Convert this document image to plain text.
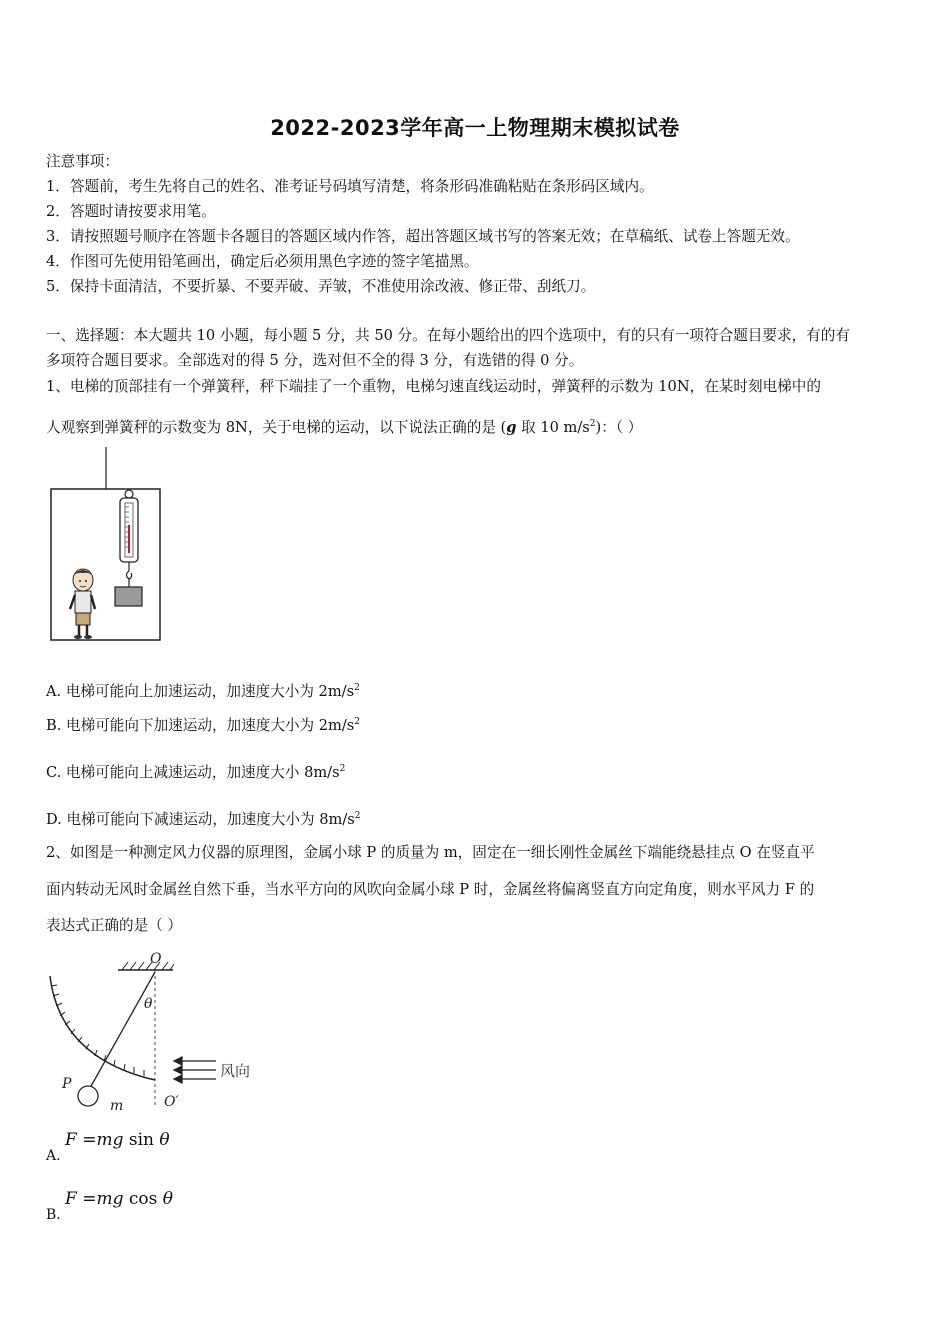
2022-2023学年高一上物理期末模拟试卷
注意事项：
1．答题前，考生先将自己的姓名、准考证号码填写清楚，将条形码准确粘贴在条形码区域内。
2．答题时请按要求用笔。
3．请按照题号顺序在答题卡各题目的答题区域内作答，超出答题区域书写的答案无效；在草稿纸、试卷上答题无效。
4．作图可先使用铅笔画出，确定后必须用黑色字迹的签字笔描黑。
5．保持卡面清洁，不要折暴、不要弄破、弄皱，不准使用涂改液、修正带、刮纸刀。
一、选择题：本大题共 10 小题，每小题 5 分，共 50 分。在每小题给出的四个选项中，有的只有一项符合题目要求，有的有
多项符合题目要求。全部选对的得 5 分，选对但不全的得 3 分，有选错的得 0 分。
1、电梯的顶部挂有一个弹簧秤，秤下端挂了一个重物，电梯匀速直线运动时，弹簧秤的示数为 10N，在某时刻电梯中的
人观察到弹簧秤的示数变为 8N，关于电梯的运动，以下说法正确的是 (g 取 10 $m/s^2$)：（ ）
A. 电梯可能向上加速运动，加速度大小为 $2m/s^2$
B. 电梯可能向下加速运动，加速度大小为 $2m/s^2$
C. 电梯可能向上减速运动，加速度大小 $8m/s^2$
D. 电梯可能向下减速运动，加速度大小为 $8m/s^2$
2、如图是一种测定风力仪器的原理图，金属小球 P 的质量为 m，固定在一细长刚性金属丝下端能绕悬挂点 O 在竖直平
面内转动无风时金属丝自然下垂，当水平方向的风吹向金属小球 P 时，金属丝将偏离竖直方向定角度，则水平风力 F 的
表达式正确的是（ ）
O
θ
P
m	O′
风向
A.
F =mg sin θ
B.
F =mg cos θ
